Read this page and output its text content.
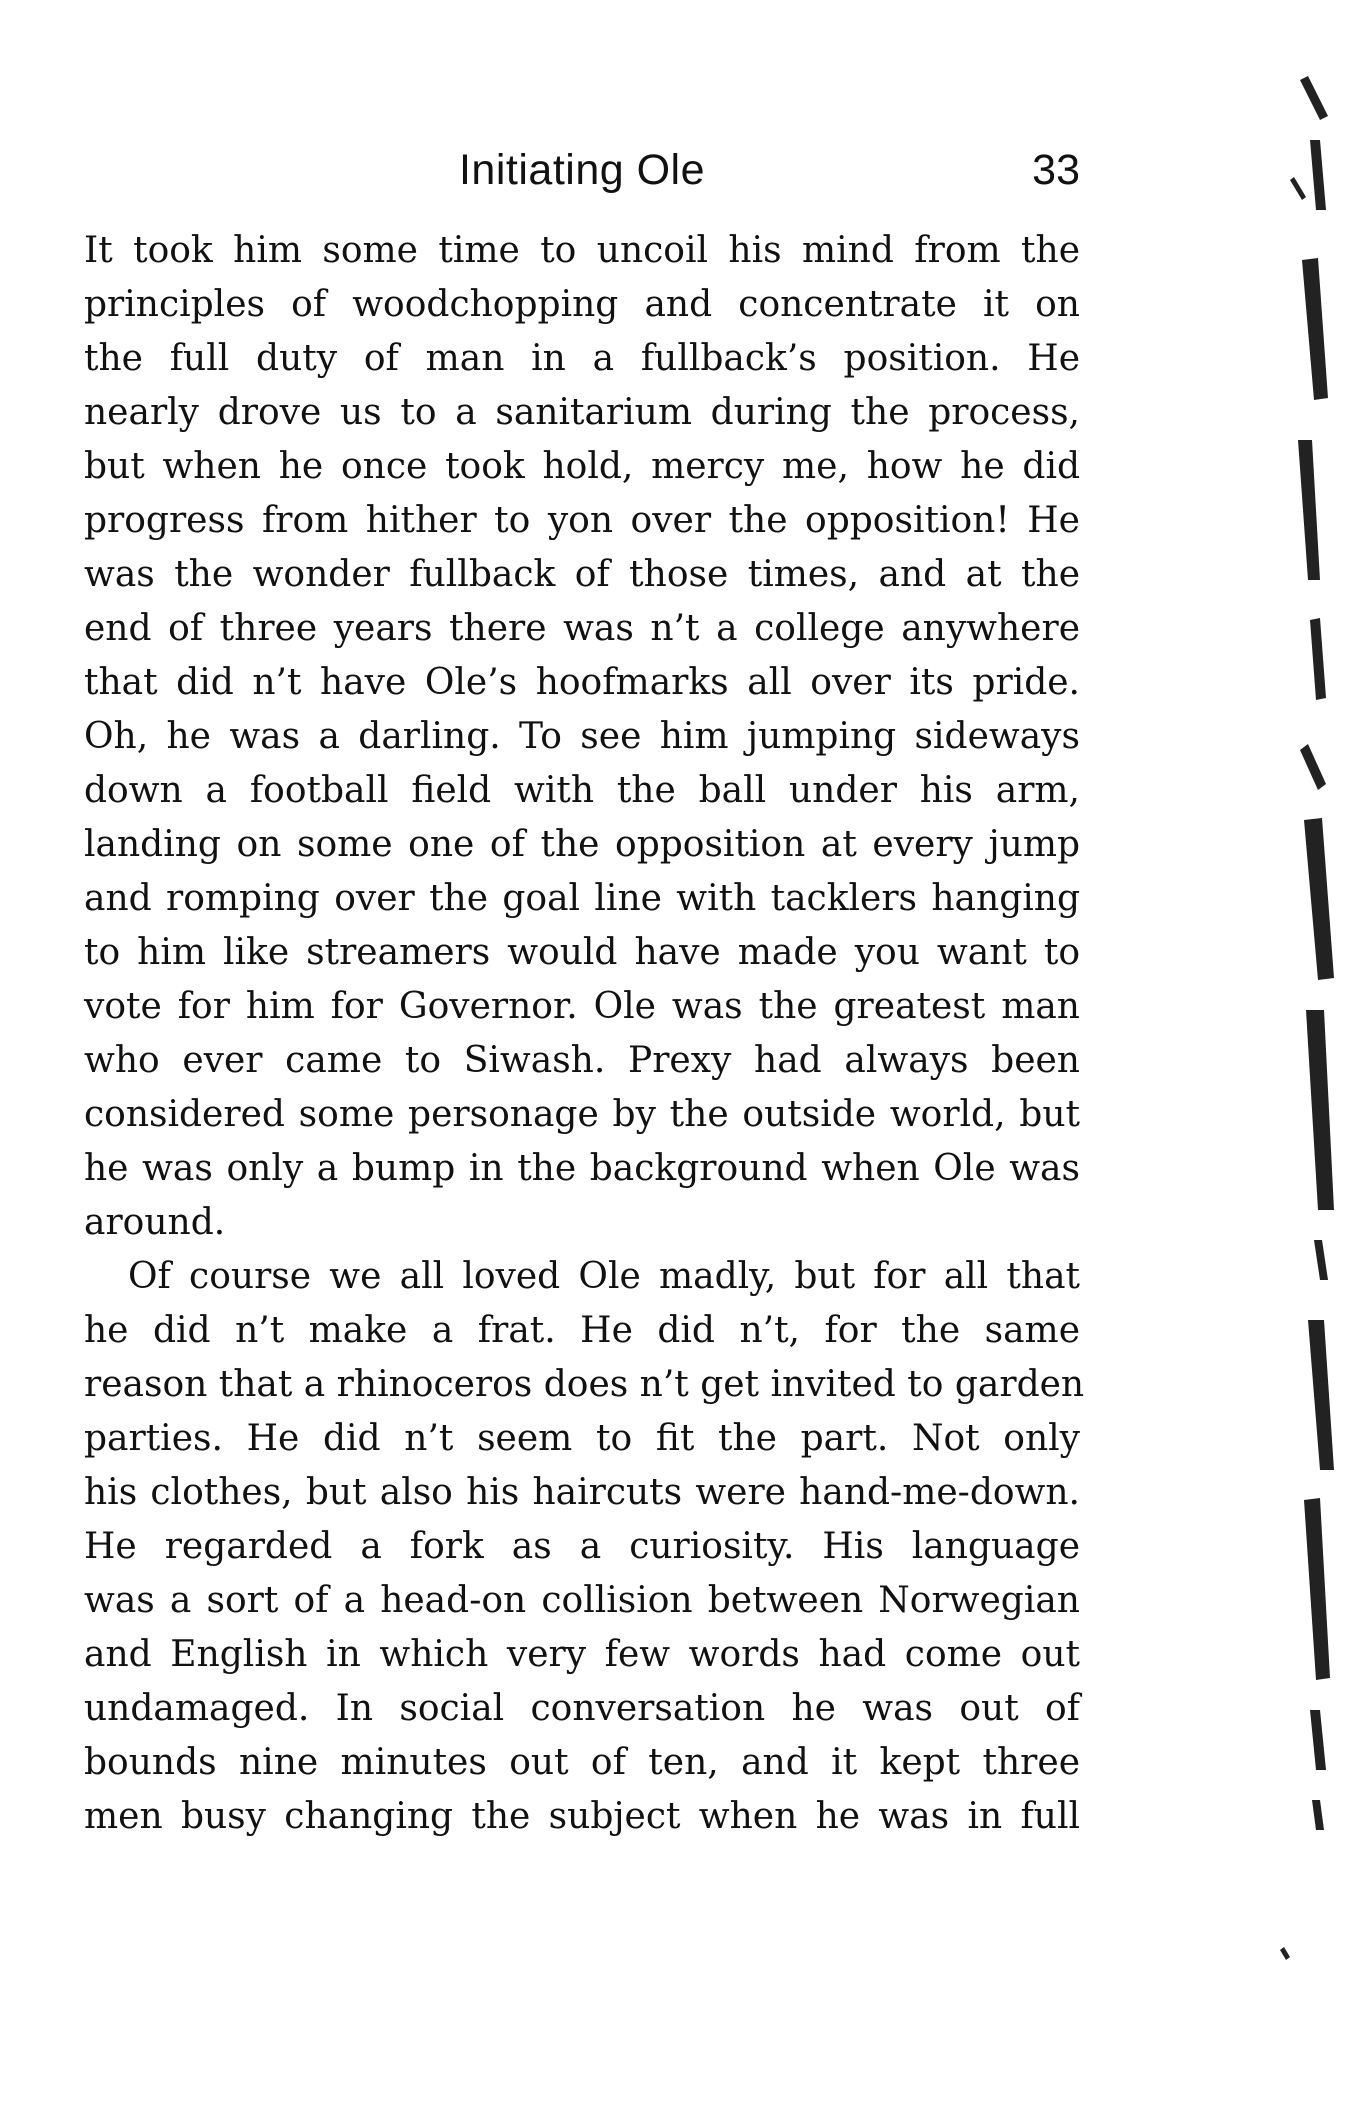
Initiating Ole	33
It took him some time to uncoil his mind from the
principles of woodchopping and concentrate it on
the full duty of man in a fullback’s position. He
nearly drove us to a sanitarium during the process,
but when he once took hold, mercy me, how he did
progress from hither to yon over the opposition! He
was the wonder fullback of those times, and at the
end of three years there was n’t a college anywhere
that did n’t have Ole’s hoofmarks all over its pride.
Oh, he was a darling. To see him jumping sideways
down a football field with the ball under his arm,
landing on some one of the opposition at every jump
and romping over the goal line with tacklers hanging
to him like streamers would have made you want to
vote for him for Governor. Ole was the greatest man
who ever came to Siwash. Prexy had always been
considered some personage by the outside world, but
he was only a bump in the background when Ole was
around.
Of course we all loved Ole madly, but for all that
he did n’t make a frat. He did n’t, for the same
reason that a rhinoceros does n’t get invited to garden
parties. He did n’t seem to fit the part. Not only
his clothes, but also his haircuts were hand-me-down.
He regarded a fork as a curiosity. His language
was a sort of a head-on collision between Norwegian
and English in which very few words had come out
undamaged. In social conversation he was out of
bounds nine minutes out of ten, and it kept three
men busy changing the subject when he was in full
